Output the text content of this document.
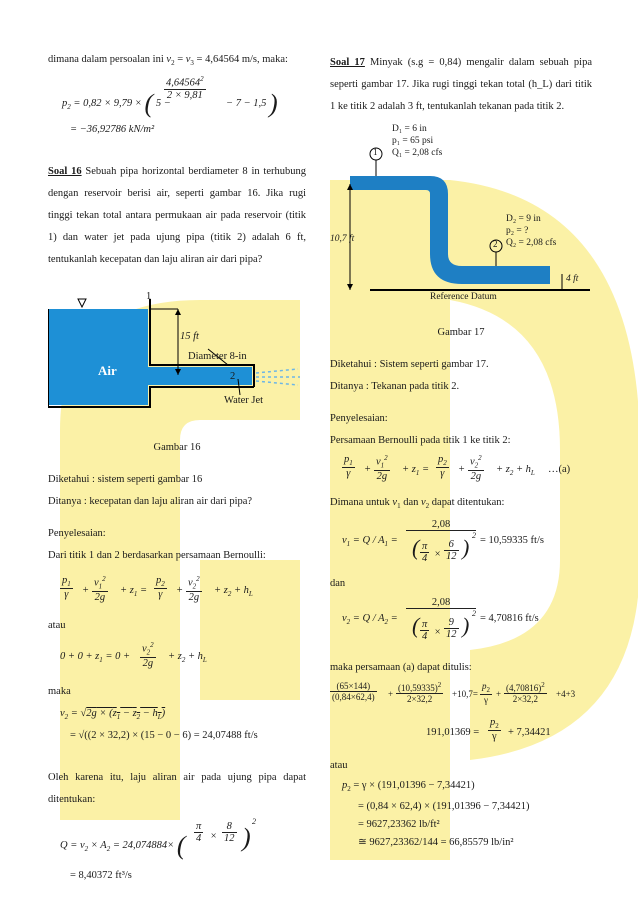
dimana dalam persoalan ini $v_2 = v_3 = 4,64564$ m/s, maka:

$p_2 = 0,82 \times 9,79$ × ( 5 −
$4,64564^2$
2 × 9,81
− 7 − 1,5 )
= −36,92786 kN/m²

Soal 16 Sebuah pipa horizontal berdiameter 8 in terhubung dengan reservoir berisi air, seperti gambar 16. Jika rugi tinggi tekan total antara permukaan air pada reservoir (titik 1) dan water jet pada ujung pipa (titik 2) adalah 6 ft, tentukanlah kecepatan dan laju aliran air dari pipa?

1
15 ft
Diameter 8-in
2
Air
Water Jet

Gambar 16

Diketahui : sistem seperti gambar 16

Ditanya : kecepatan dan laju aliran air dari pipa?

Penyelesaian:

Dari titik 1 dan 2 berdasarkan persamaan Bernoulli:

$p_1$
γ	+
$v_1^2$
2g
+ $z_1$ =
$p_2$
γ	+
$v_2^2$
2g
+ $z_2 + h_L$

atau

$0 + 0 + z_1 = 0$ +
$v_2^2$
2g
+ $z_2 + h_L$

maka

$v_2 = √2g \times (z_1 - z_2 - h_L)$
= √((2 × 32,2) × (15 − 0 − 6) = 24,07488 ft/s

Oleh karena itu, laju aliran air pada ujung pipa dapat ditentukan:

$Q = v_2 \times A_2 = 24,074884\times$ (
π
4 ×
8
12 )
2
= 8,40372 ft³/s

Soal 17 Minyak (s.g = 0,84) mengalir dalam sebuah pipa seperti gambar 17. Jika rugi tinggi tekan total (h_L) dari titik 1 ke titik 2 adalah 3 ft, tentukanlah tekanan pada titik 2.

1
2
D₁ = 6 in
p₁ = 65 psi
Q₁ = 2,08 cfs
D₂ = 9 in
p₂ = ?
Q₂ = 2,08 cfs
10,7 ft
4 ft
Reference Datum

Gambar 17

Diketahui : Sistem seperti gambar 17.

Ditanya : Tekanan pada titik 2.

Penyelesaian:

Persamaan Bernoulli pada titik 1 ke titik 2:

$p_1$
γ	+
$v_1^2$
2g
+ $z_1$ =
$p_2$
γ	+
$v_2^2$
2g
+ $z_2 + h_L$ …(a)

Dimana untuk $v_1$ dan $v_2$ dapat ditentukan:

$v_1 = Q / A_1$ =
2,08
( π
4 ×
6
12 ) 2 = 10,59335 ft/s

dan

$v_2 = Q / A_2$ =
2,08
( π
4 ×
9
12 ) 2 = 4,70816 ft/s

maka persamaan (a) dapat ditulis:

(65×144)
(0,84×62,4) +
$(10,59335)^2$
2×32,2	+10,7=
$p_2$
γ
+
$(4,70816)^2$
2×32,2	+4+3
191,01369 =
$p_2$
γ	+ 7,34421

atau

$p_2 = \gamma \times (191,01396 - 7,34421)$
= (0,84 × 62,4) × (191,01396 − 7,34421)
= 9627,23362 lb/ft²
≅ 9627,23362/144 = 66,85579 lb/in²
